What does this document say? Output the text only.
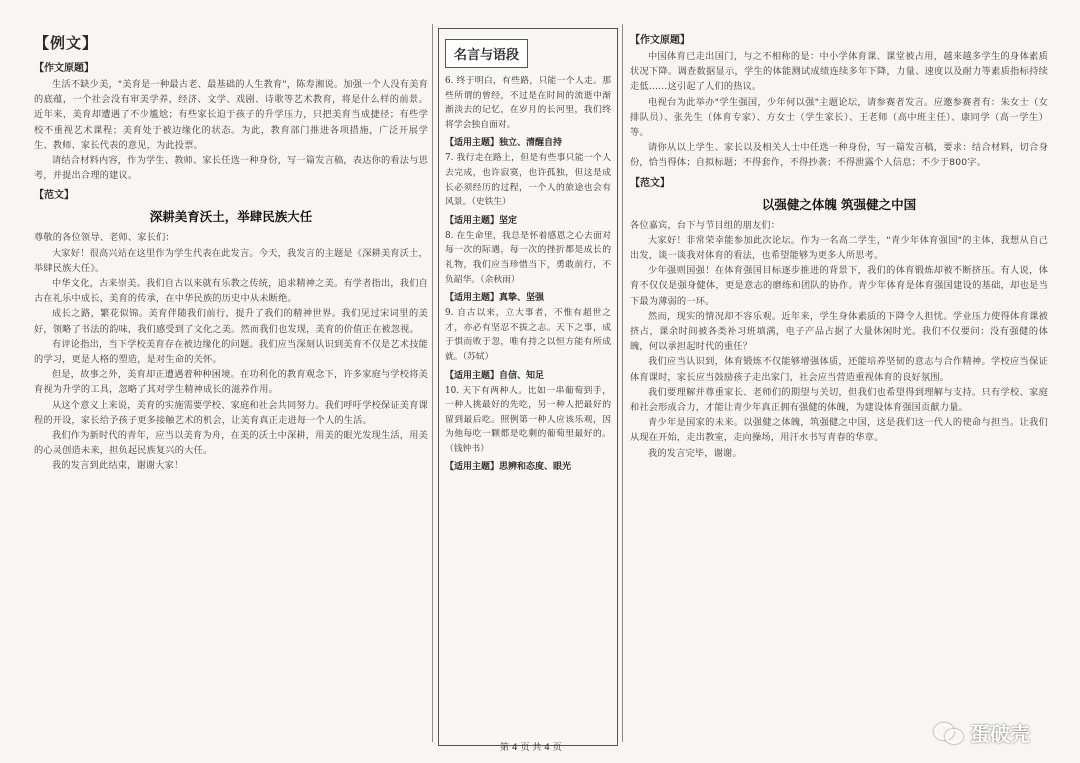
【例文】
【作文原题】

生活不缺少美，"美育是一种最古老、最基础的人生教育"，陈寿湘说。加强一个人没有美育的底蕴，一个社会没有审美学养，经济、文学、戏剧、诗歌等艺术教育，将是什么样的前景。近年来，美育却遭遇了不少尴尬；有些家长迫于孩子的升学压力，只把美育当成捷径；有些学校不重视艺术课程；美育处于被边缘化的状态。为此，教育部门推进各项措施，广泛开展学生、教师、家长代表的意见，为此投票。

请结合材料内容，作为学生、教师、家长任选一种身份，写一篇发言稿，表达你的看法与思考，并提出合理的建议。

【范文】
深耕美育沃土，举肆民族大任

尊敬的各位领导、老师、家长们：

大家好！很高兴站在这里作为学生代表在此发言。今天，我发言的主题是《深耕美育沃土，举肆民族大任》。

中华文化，古来崇美。我们自古以来就有乐教之传统，追求精神之美。有学者指出，我们自古在礼乐中成长，美育的传承，在中华民族的历史中从未断绝。

成长之路，繁花似锦。美育伴随我们前行，提升了我们的精神世界。我们见过宋词里的美好，领略了书法的韵味，我们感受到了文化之美。然而我们也发现，美育的价值正在被忽视。

有评论指出，当下学校美育存在被边缘化的问题。我们应当深刻认识到美育不仅是艺术技能的学习，更是人格的塑造，是对生命的关怀。

但是，故事之外，美育却正遭遇着种种困境。在功利化的教育观念下，许多家庭与学校将美育视为升学的工具，忽略了其对学生精神成长的滋养作用。

从这个意义上来说，美育的实施需要学校、家庭和社会共同努力。我们呼吁学校保证美育课程的开设，家长给予孩子更多接触艺术的机会，让美育真正走进每一个人的生活。

我们作为新时代的青年，应当以美育为舟，在美的沃土中深耕，用美的眼光发现生活，用美的心灵创造未来，担负起民族复兴的大任。

我的发言到此结束，谢谢大家！

名言与语段

6. 终于明白，有些路，只能一个人走。那些所谓的曾经，不过是在时间的流逝中渐渐淡去的记忆，在岁月的长河里，我们终将学会独自面对。

【适用主题】独立、清醒自持

7. 我行走在路上，但是有些事只能一个人去完成，也许寂寞，也许孤独，但这是成长必须经历的过程，一个人的旅途也会有风景。（史铁生）

【适用主题】坚定

8. 在生命里，我总是怀着感恩之心去面对每一次的际遇，每一次的挫折都是成长的礼物，我们应当珍惜当下，勇敢前行，不负韶华。（余秋雨）

【适用主题】真挚、坚强

9. 自古以来，立大事者，不惟有超世之才，亦必有坚忍不拔之志。天下之事，成于惧而败于忽，唯有持之以恒方能有所成就。（苏轼）

【适用主题】自信、知足

10. 天下有两种人。比如一串葡萄到手，一种人挑最好的先吃，另一种人把最好的留到最后吃。照例第一种人应该乐观，因为他每吃一颗都是吃剩的葡萄里最好的。（钱钟书）

【适用主题】思辨和态度、眼光
【作文原题】

中国体育已走出国门，与之不相称的是：中小学体育课、课堂被占用，越来越多学生的身体素质状况下降。调查数据显示，学生的体能测试成绩连续多年下降，力量、速度以及耐力等素质指标持续走低……这引起了人们的热议。

电视台为此举办"学生强国，少年何以强"主题论坛，请参赛者发言。应邀参赛者有：朱女士（女排队员）、张先生（体育专家）、方女士（学生家长）、王老师（高中班主任）、康同学（高一学生）等。

请你从以上学生、家长以及相关人士中任选一种身份，写一篇发言稿，要求：结合材料，切合身份，恰当得体；自拟标题；不得套作，不得抄袭；不得泄露个人信息；不少于800字。

【范文】
以强健之体魄 筑强健之中国

各位嘉宾，台下与节目组的朋友们：

大家好！非常荣幸能参加此次论坛。作为一名高二学生，"青少年体育强国"的主体，我想从自己出发，谈一谈我对体育的看法，也希望能够为更多人所思考。

少年强则国强！在体育强国目标逐步推进的背景下，我们的体育锻炼却被不断挤压。有人说，体育不仅仅是强身健体，更是意志的磨练和团队的协作。青少年体育是体育强国建设的基础，却也是当下最为薄弱的一环。

然而，现实的情况却不容乐观。近年来，学生身体素质的下降令人担忧。学业压力使得体育课被挤占，课余时间被各类补习班填满，电子产品占据了大量休闲时光。我们不仅要问：没有强健的体魄，何以承担起时代的重任？

我们应当认识到，体育锻炼不仅能够增强体质，还能培养坚韧的意志与合作精神。学校应当保证体育课时，家长应当鼓励孩子走出家门，社会应当营造重视体育的良好氛围。

我们要理解并尊重家长、老师们的期望与关切，但我们也希望得到理解与支持。只有学校、家庭和社会形成合力，才能让青少年真正拥有强健的体魄，为建设体育强国贡献力量。

青少年是国家的未来。以强健之体魄，筑强健之中国，这是我们这一代人的使命与担当。让我们从现在开始，走出教室，走向操场，用汗水书写青春的华章。

我的发言完毕，谢谢。

第 4 页 共 4 页
蛋破壳
